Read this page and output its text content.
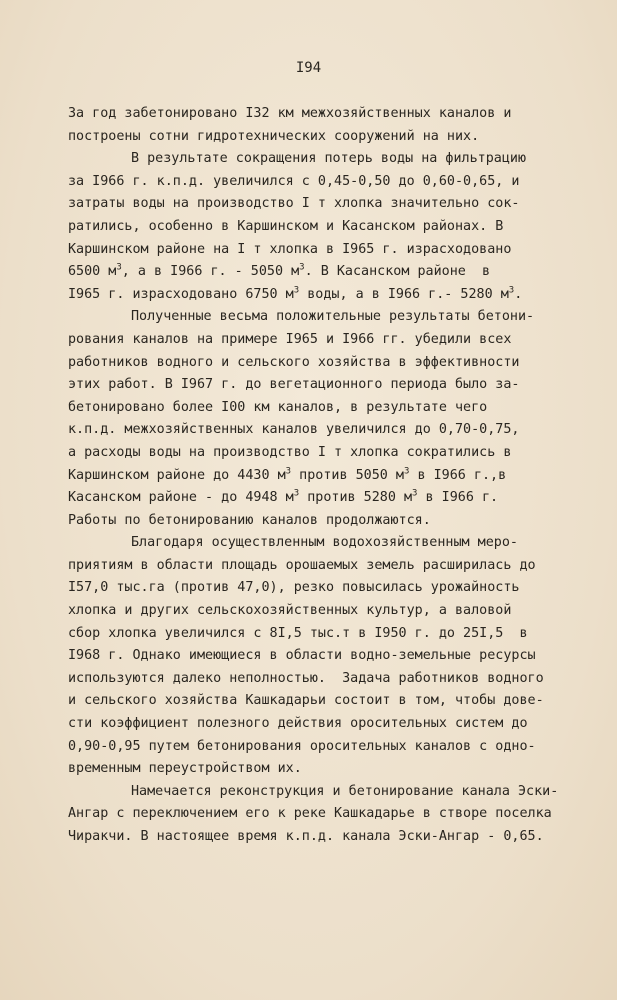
I94
За год забетонировано I32 км межхозяйственных каналов и
построены сотни гидротехнических сооружений на них.
В результате сокращения потерь воды на фильтрацию
за I966 г. к.п.д. увеличился с 0,45-0,50 до 0,60-0,65, и
затраты воды на производство I т хлопка значительно сок-
ратились, особенно в Каршинском и Касанском районах. В
Каршинском районе на I т хлопка в I965 г. израсходовано
6500 $м^3$, а в I966 г. - 5050 $м^3$. В Касанском районе  в
I965 г. израсходовано 6750 $м^3$ воды, а в I966 г.- 5280 $м^3$.
Полученные весьма положительные результаты бетони-
рования каналов на примере I965 и I966 гг. убедили всех
работников водного и сельского хозяйства в эффективности
этих работ. В I967 г. до вегетационного периода было за-
бетонировано более I00 км каналов, в результате чего
к.п.д. межхозяйственных каналов увеличился до 0,70-0,75,
а расходы воды на производство I т хлопка сократились в
Каршинском районе до 4430 $м^3$ против 5050 $м^3$ в I966 г.,в
Касанском районе - до 4948 $м^3$ против 5280 $м^3$ в I966 г.
Работы по бетонированию каналов продолжаются.
Благодаря осуществленным водохозяйственным меро-
приятиям в области площадь орошаемых земель расширилась до
I57,0 тыс.га (против 47,0), резко повысилась урожайность
хлопка и других сельскохозяйственных культур, а валовой
сбор хлопка увеличился с 8I,5 тыс.т в I950 г. до 25I,5  в
I968 г. Однако имеющиеся в области водно-земельные ресурсы
используются далеко неполностью.  Задача работников водного
и сельского хозяйства Кашкадарьи состоит в том, чтобы дове-
сти коэффициент полезного действия оросительных систем до
0,90-0,95 путем бетонирования оросительных каналов с одно-
временным переустройством их.
Намечается реконструкция и бетонирование канала Эски-
Ангар с переключением его к реке Кашкадарье в створе поселка
Чиракчи. В настоящее время к.п.д. канала Эски-Ангар - 0,65.
